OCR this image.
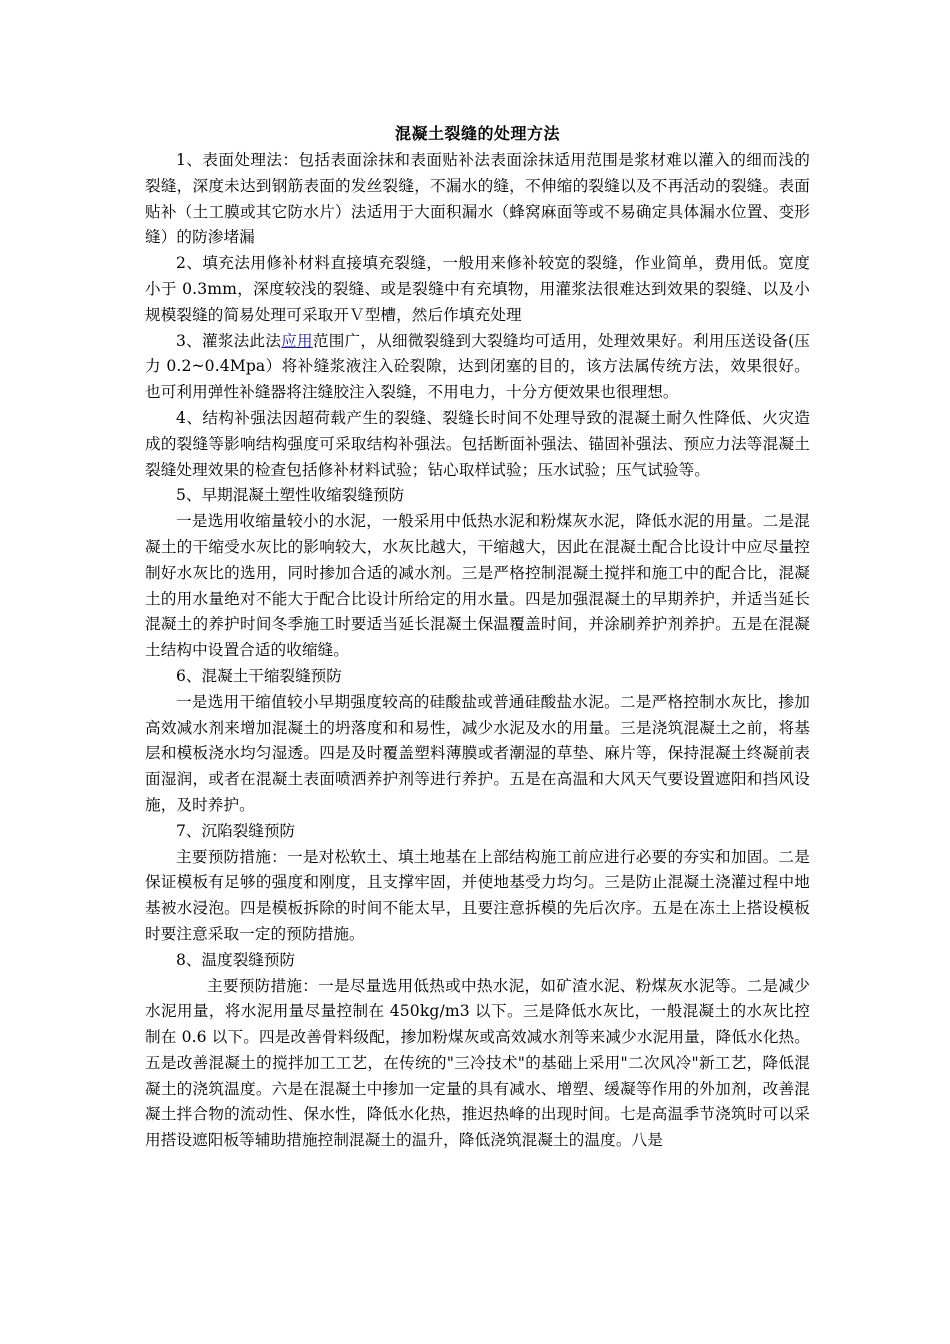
混凝土裂缝的处理方法

1、表面处理法：包括表面涂抹和表面贴补法表面涂抹适用范围是浆材难以灌入的细而浅的裂缝，深度未达到钢筋表面的发丝裂缝，不漏水的缝，不伸缩的裂缝以及不再活动的裂缝。表面贴补（土工膜或其它防水片）法适用于大面积漏水（蜂窝麻面等或不易确定具体漏水位置、变形缝）的防渗堵漏

2、填充法用修补材料直接填充裂缝，一般用来修补较宽的裂缝，作业简单，费用低。宽度小于 0.3mm，深度较浅的裂缝、或是裂缝中有充填物，用灌浆法很难达到效果的裂缝、以及小规模裂缝的简易处理可采取开Ｖ型槽，然后作填充处理

3、灌浆法此法应用范围广，从细微裂缝到大裂缝均可适用，处理效果好。利用压送设备(压力 0.2~0.4Mpa）将补缝浆液注入砼裂隙，达到闭塞的目的，该方法属传统方法，效果很好。也可利用弹性补缝器将注缝胶注入裂缝，不用电力，十分方便效果也很理想。

4、结构补强法因超荷载产生的裂缝、裂缝长时间不处理导致的混凝土耐久性降低、火灾造成的裂缝等影响结构强度可采取结构补强法。包括断面补强法、锚固补强法、预应力法等混凝土裂缝处理效果的检查包括修补材料试验；钻心取样试验；压水试验；压气试验等。

5、早期混凝土塑性收缩裂缝预防

一是选用收缩量较小的水泥，一般采用中低热水泥和粉煤灰水泥，降低水泥的用量。二是混凝土的干缩受水灰比的影响较大，水灰比越大，干缩越大，因此在混凝土配合比设计中应尽量控制好水灰比的选用，同时掺加合适的减水剂。三是严格控制混凝土搅拌和施工中的配合比，混凝土的用水量绝对不能大于配合比设计所给定的用水量。四是加强混凝土的早期养护，并适当延长混凝土的养护时间冬季施工时要适当延长混凝土保温覆盖时间，并涂刷养护剂养护。五是在混凝土结构中设置合适的收缩缝。

6、混凝土干缩裂缝预防

一是选用干缩值较小早期强度较高的硅酸盐或普通硅酸盐水泥。二是严格控制水灰比，掺加高效减水剂来增加混凝土的坍落度和和易性，减少水泥及水的用量。三是浇筑混凝土之前，将基层和模板浇水均匀湿透。四是及时覆盖塑料薄膜或者潮湿的草垫、麻片等，保持混凝土终凝前表面湿润，或者在混凝土表面喷洒养护剂等进行养护。五是在高温和大风天气要设置遮阳和挡风设施，及时养护。

7、沉陷裂缝预防

主要预防措施：一是对松软土、填土地基在上部结构施工前应进行必要的夯实和加固。二是保证模板有足够的强度和刚度，且支撑牢固，并使地基受力均匀。三是防止混凝土浇灌过程中地基被水浸泡。四是模板拆除的时间不能太早，且要注意拆模的先后次序。五是在冻土上搭设模板时要注意采取一定的预防措施。

8、温度裂缝预防

主要预防措施：一是尽量选用低热或中热水泥，如矿渣水泥、粉煤灰水泥等。二是减少水泥用量，将水泥用量尽量控制在 450kg/m3 以下。三是降低水灰比，一般混凝土的水灰比控制在 0.6 以下。四是改善骨料级配，掺加粉煤灰或高效减水剂等来减少水泥用量，降低水化热。五是改善混凝土的搅拌加工工艺，在传统的"三冷技术"的基础上采用"二次风冷"新工艺，降低混凝土的浇筑温度。六是在混凝土中掺加一定量的具有减水、增塑、缓凝等作用的外加剂，改善混凝土拌合物的流动性、保水性，降低水化热，推迟热峰的出现时间。七是高温季节浇筑时可以采用搭设遮阳板等辅助措施控制混凝土的温升，降低浇筑混凝土的温度。八是
